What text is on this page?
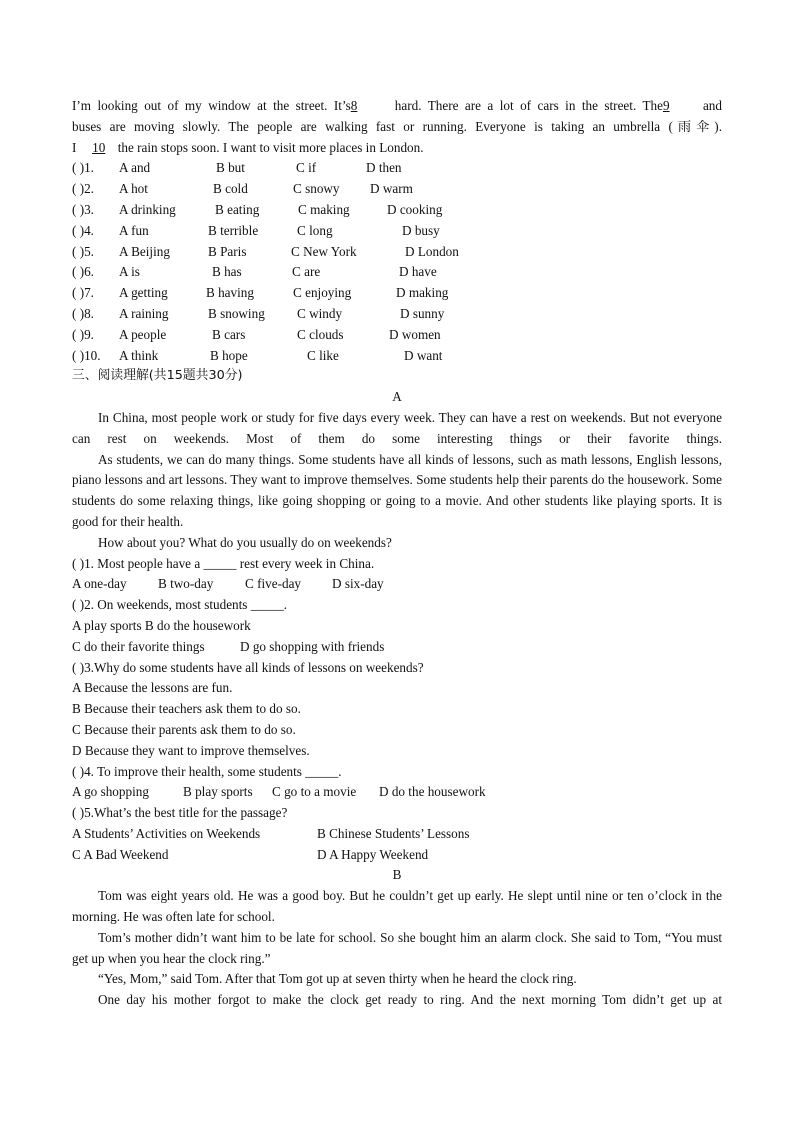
I’m looking out of my window at the street. It’s8	hard. There are a lot of cars in the street. The9	and
buses are moving slowly. The people are walking fast or running. Everyone is taking an umbrella (雨伞).
I 10 the rain stops soon. I want to visit more places in London.
( )1. A and	B but	C if	D then
( )2. A hot	B cold	C snowy D warm
( )3. A drinking	B eating	C making	D cooking
( )4. A fun	B terrible	C long	D busy
( )5. A Beijing	B Paris	C New York	D London
( )6. A is	B has	C are	D have
( )7. A getting	B having	C enjoying	D making
( )8. A raining	B snowing C windy	D sunny
( )9. A people	B cars	C clouds	D women
( )10. A think	B hope	C like	D want
三、阅读理解(共15题共30分)
A
In China, most people work or study for five days every week. They can have a rest on weekends. But not everyone can rest on weekends. Most of them do some interesting things or their favorite things.
As students, we can do many things. Some students have all kinds of lessons, such as math lessons, English lessons, piano lessons and art lessons. They want to improve themselves. Some students help their parents do the housework. Some students do some relaxing things, like going shopping or going to a movie. And other students like playing sports. It is good for their health.
How about you? What do you usually do on weekends?
( )1. Most people have a _____ rest every week in China.
A one-day B two-day C five-day D six-day
( )2. On weekends, most students _____.
A play sports B do the housework
C do their favorite things	D go shopping with friends
( )3.Why do some students have all kinds of lessons on weekends?
A Because the lessons are fun.
B Because their teachers ask them to do so.
C Because their parents ask them to do so.
D Because they want to improve themselves.
( )4. To improve their health, some students _____.
A go shopping	B play sports C go to a movie D do the housework
( )5.What’s the best title for the passage?
A Students’ Activities on Weekends	B Chinese Students’ Lessons
C A Bad Weekend	D A Happy Weekend
B
Tom was eight years old. He was a good boy. But he couldn’t get up early. He slept until nine or ten o’clock in the morning. He was often late for school.
Tom’s mother didn’t want him to be late for school. So she bought him an alarm clock. She said to Tom, “You must get up when you hear the clock ring.”
“Yes, Mom,” said Tom. After that Tom got up at seven thirty when he heard the clock ring.
One day his mother forgot to make the clock get ready to ring. And the next morning Tom didn’t get up at
